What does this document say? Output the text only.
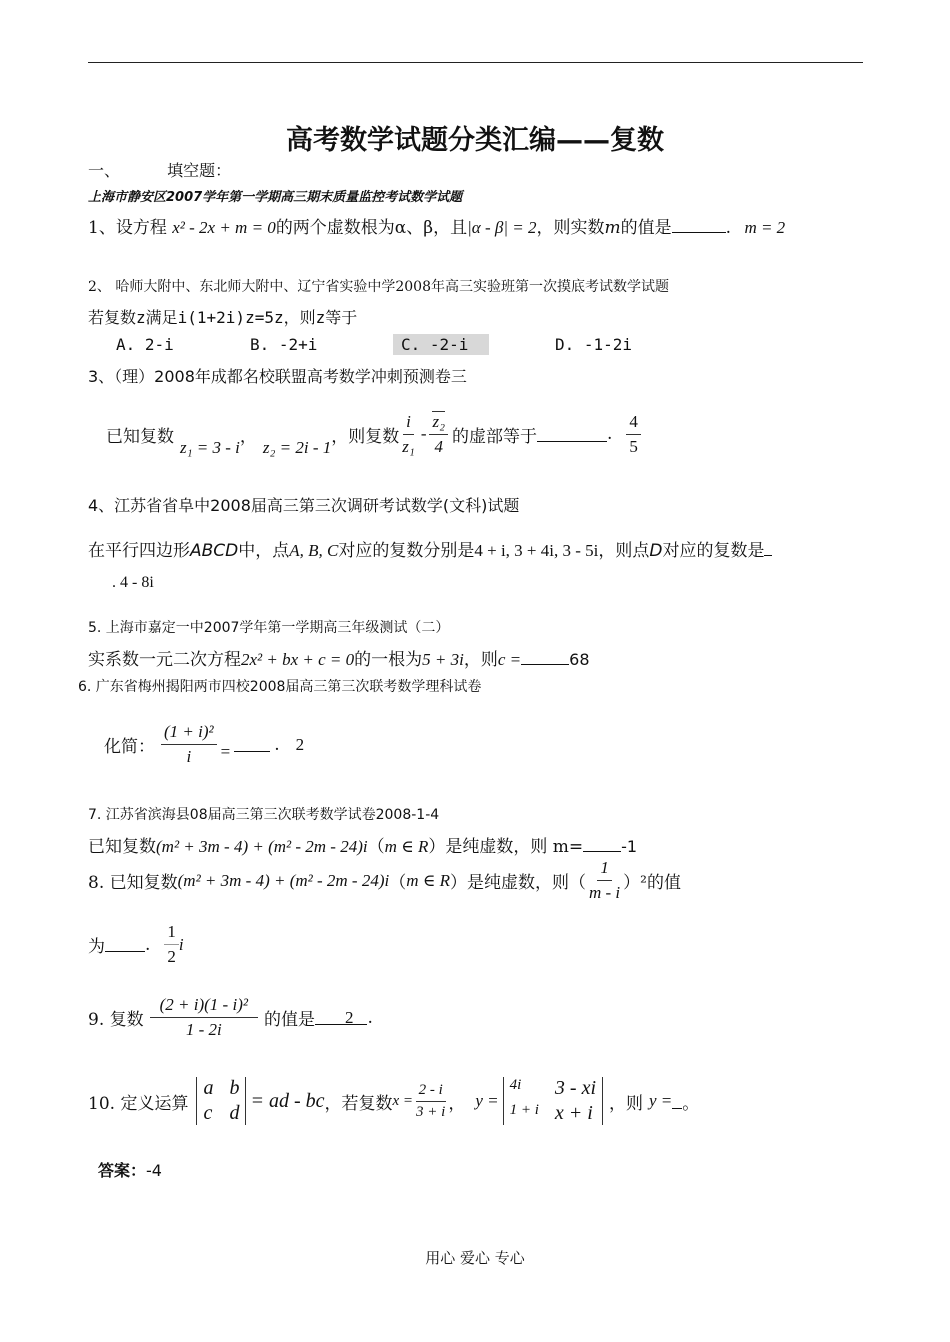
高考数学试题分类汇编——复数
一、	填空题：
上海市静安区2007学年第一学期高三期末质量监控考试数学试题
1、设方程 x² - 2x + m = 0的两个虚数根为α、β，且|α - β| = 2，则实数m的值是	. m = 2
2、 哈师大附中、东北师大附中、辽宁省实验中学2008年高三实验班第一次摸底考试数学试题
若复数z满足i(1+2i)z=5z，则z等于
A. 2-i	B. -2+i	C. -2-i	D. -1-2i
3、（理）2008年成都名校联盟高考数学冲刺预测卷三
已知复数
z₁ = 3 - i
，
z₂ = 2i - 1
，则复数 $\frac{i}{\text{z₁}} - \frac{\text{z₂}}{4}$ 的虚部等于	. $\frac{4}{5}$
4、江苏省省阜中2008届高三第三次调研考试数学(文科)试题
在平行四边形ABCD中，点A, B, C对应的复数分别是4 + i, 3 + 4i, 3 - 5i，则点D对应的复数是
. 4 - 8i
5. 上海市嘉定一中2007学年第一学期高三年级测试（二）
实系数一元二次方程2x² + bx + c = 0的一根为5 + 3i，则c =	68
6. 广东省梅州揭阳两市四校2008届高三第三次联考数学理科试卷
化简： $\frac{\text{(1 + i)²}}{i}$ =	. 2
7. 江苏省滨海县08届高三第三次联考数学试卷2008-1-4
已知复数(m² + 3m - 4) + (m² - 2m - 24)i（m ∈ R）是纯虚数，则 m= -1
8. 已知复数 (m² + 3m - 4) + (m² - 2m - 24)i （ m ∈ R ）是纯虚数，则（ $\frac{1}{m - i} )^2$的值
为 . $\frac{1}{2}$ i
9. 复数 $\frac{\text{(2 + i)(1 - i)²}}{1 - 2i}$ 的值是 2 .
10. 定义运算
a b
c d
= ad - bc ，若复数 $x = \frac{2 - i}{3 + i}$ ， y =
4i	3 - xi
1 + i x + i ，则 y = 。
答案：-4
用心 爱心 专心
